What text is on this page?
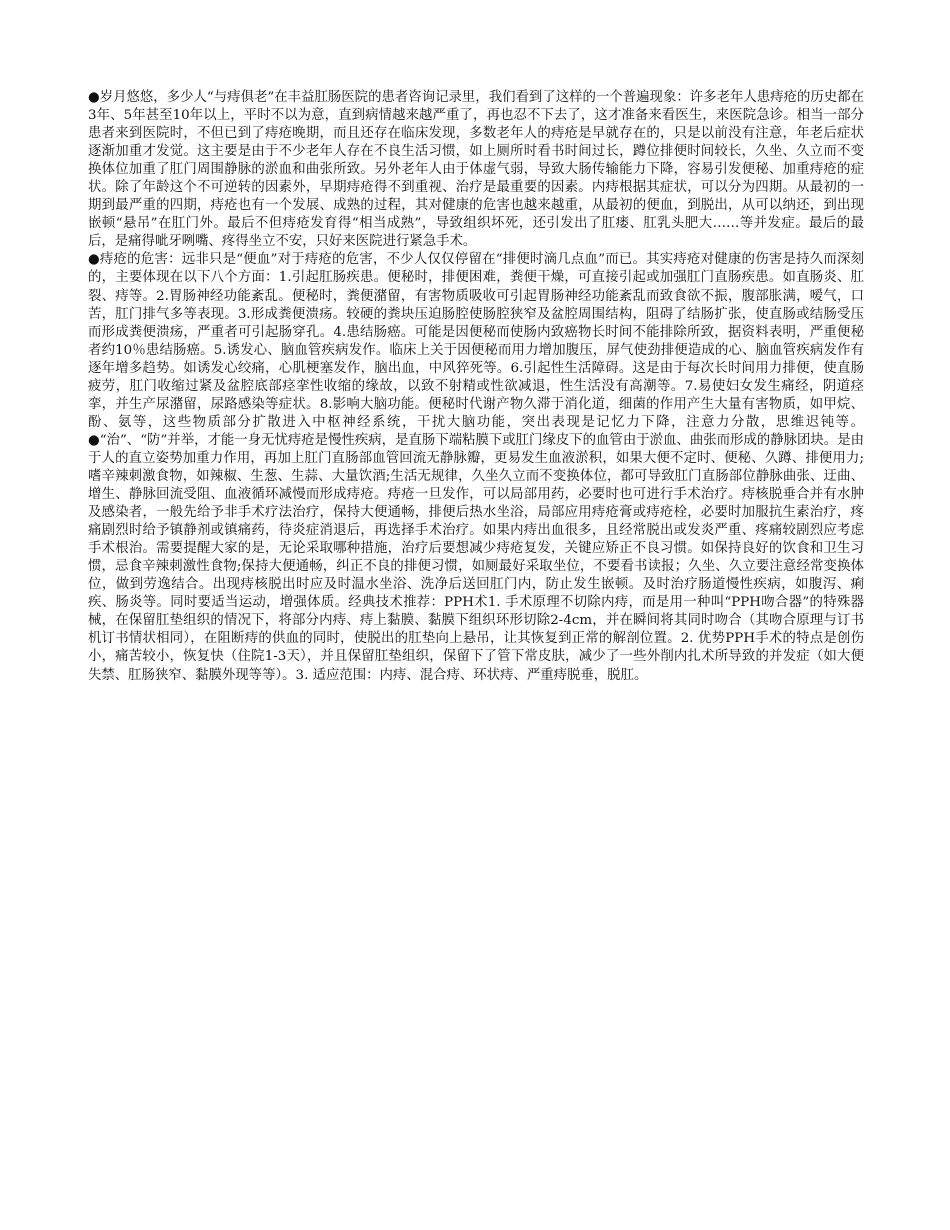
●岁月悠悠，多少人“与痔俱老”在丰益肛肠医院的患者咨询记录里，我们看到了这样的一个普遍现象：许多老年人患痔疮的历史都在3年、5年甚至10年以上，平时不以为意，直到病情越来越严重了，再也忍不下去了，这才准备来看医生，来医院急诊。相当一部分患者来到医院时，不但已到了痔疮晚期，而且还存在临床发现，多数老年人的痔疮是早就存在的，只是以前没有注意，年老后症状逐渐加重才发觉。这主要是由于不少老年人存在不良生活习惯，如上厕所时看书时间过长，蹲位排便时间较长，久坐、久立而不变换体位加重了肛门周围静脉的淤血和曲张所致。另外老年人由于体虚气弱，导致大肠传输能力下降，容易引发便秘、加重痔疮的症状。除了年龄这个不可逆转的因素外，早期痔疮得不到重视、治疗是最重要的因素。内痔根据其症状，可以分为四期。从最初的一期到最严重的四期，痔疮也有一个发展、成熟的过程，其对健康的危害也越来越重，从最初的便血，到脱出，从可以纳还，到出现嵌顿“悬吊”在肛门外。最后不但痔疮发育得“相当成熟”，导致组织坏死，还引发出了肛瘘、肛乳头肥大……等并发症。最后的最后，是痛得呲牙咧嘴、疼得坐立不安，只好来医院进行紧急手术。

●痔疮的危害：远非只是“便血”对于痔疮的危害，不少人仅仅停留在“排便时滴几点血”而已。其实痔疮对健康的伤害是持久而深刻的，主要体现在以下八个方面：1.引起肛肠疾患。便秘时，排便困难，粪便干燥，可直接引起或加强肛门直肠疾患。如直肠炎、肛裂、痔等。2.胃肠神经功能紊乱。便秘时，粪便潴留，有害物质吸收可引起胃肠神经功能紊乱而致食欲不振，腹部胀满，嗳气，口苦，肛门排气多等表现。3.形成粪便溃疡。较硬的粪块压迫肠腔使肠腔狭窄及盆腔周围结构，阻碍了结肠扩张，使直肠或结肠受压而形成粪便溃疡，严重者可引起肠穿孔。4.患结肠癌。可能是因便秘而使肠内致癌物长时间不能排除所致，据资料表明，严重便秘者约10％患结肠癌。5.诱发心、脑血管疾病发作。临床上关于因便秘而用力增加腹压，屏气使劲排便造成的心、脑血管疾病发作有逐年增多趋势。如诱发心绞痛，心肌梗塞发作，脑出血，中风猝死等。6.引起性生活障碍。这是由于每次长时间用力排便，使直肠疲劳，肛门收缩过紧及盆腔底部痉挛性收缩的缘故，以致不射精或性欲减退，性生活没有高潮等。7.易使妇女发生痛经，阴道痉挛，并生产尿潴留，尿路感染等症状。8.影响大脑功能。便秘时代谢产物久滞于消化道，细菌的作用产生大量有害物质，如甲烷、酚、氨等，这些物质部分扩散进入中枢神经系统，干扰大脑功能，突出表现是记忆力下降，注意力分散，思维迟钝等。●“治”、“防”并举，才能一身无忧痔疮是慢性疾病，是直肠下端粘膜下或肛门缘皮下的血管由于淤血、曲张而形成的静脉团块。是由于人的直立姿势加重力作用，再加上肛门直肠部血管回流无静脉瓣，更易发生血液淤积，如果大便不定时、便秘、久蹲、排便用力;嗜辛辣刺激食物，如辣椒、生葱、生蒜、大量饮酒;生活无规律，久坐久立而不变换体位，都可导致肛门直肠部位静脉曲张、迂曲、增生、静脉回流受阻、血液循环减慢而形成痔疮。痔疮一旦发作，可以局部用药，必要时也可进行手术治疗。痔核脱垂合并有水肿及感染者，一般先给予非手术疗法治疗，保持大便通畅，排便后热水坐浴，局部应用痔疮膏或痔疮栓，必要时加服抗生素治疗，疼痛剧烈时给予镇静剂或镇痛药，待炎症消退后，再选择手术治疗。如果内痔出血很多，且经常脱出或发炎严重、疼痛较剧烈应考虑手术根治。需要提醒大家的是，无论采取哪种措施，治疗后要想减少痔疮复发，关键应矫正不良习惯。如保持良好的饮食和卫生习惯，忌食辛辣刺激性食物;保持大便通畅，纠正不良的排便习惯，如厕最好采取坐位，不要看书读报；久坐、久立要注意经常变换体位，做到劳逸结合。出现痔核脱出时应及时温水坐浴、洗净后送回肛门内，防止发生嵌顿。及时治疗肠道慢性疾病，如腹泻、痢疾、肠炎等。同时要适当运动，增强体质。经典技术推荐：PPH术1. 手术原理不切除内痔，而是用一种叫“PPH吻合器”的特殊器械，在保留肛垫组织的情况下，将部分内痔、痔上黏膜、黏膜下组织环形切除2-4cm，并在瞬间将其同时吻合（其吻合原理与订书机订书情状相同），在阻断痔的供血的同时，使脱出的肛垫向上悬吊，让其恢复到正常的解剖位置。2. 优势PPH手术的特点是创伤小，痛苦较小，恢复快（住院1-3天），并且保留肛垫组织，保留下了管下常皮肤，减少了一些外削内扎术所导致的并发症（如大便失禁、肛肠狭窄、黏膜外现等等）。3. 适应范围：内痔、混合痔、环状痔、严重痔脱垂，脱肛。
